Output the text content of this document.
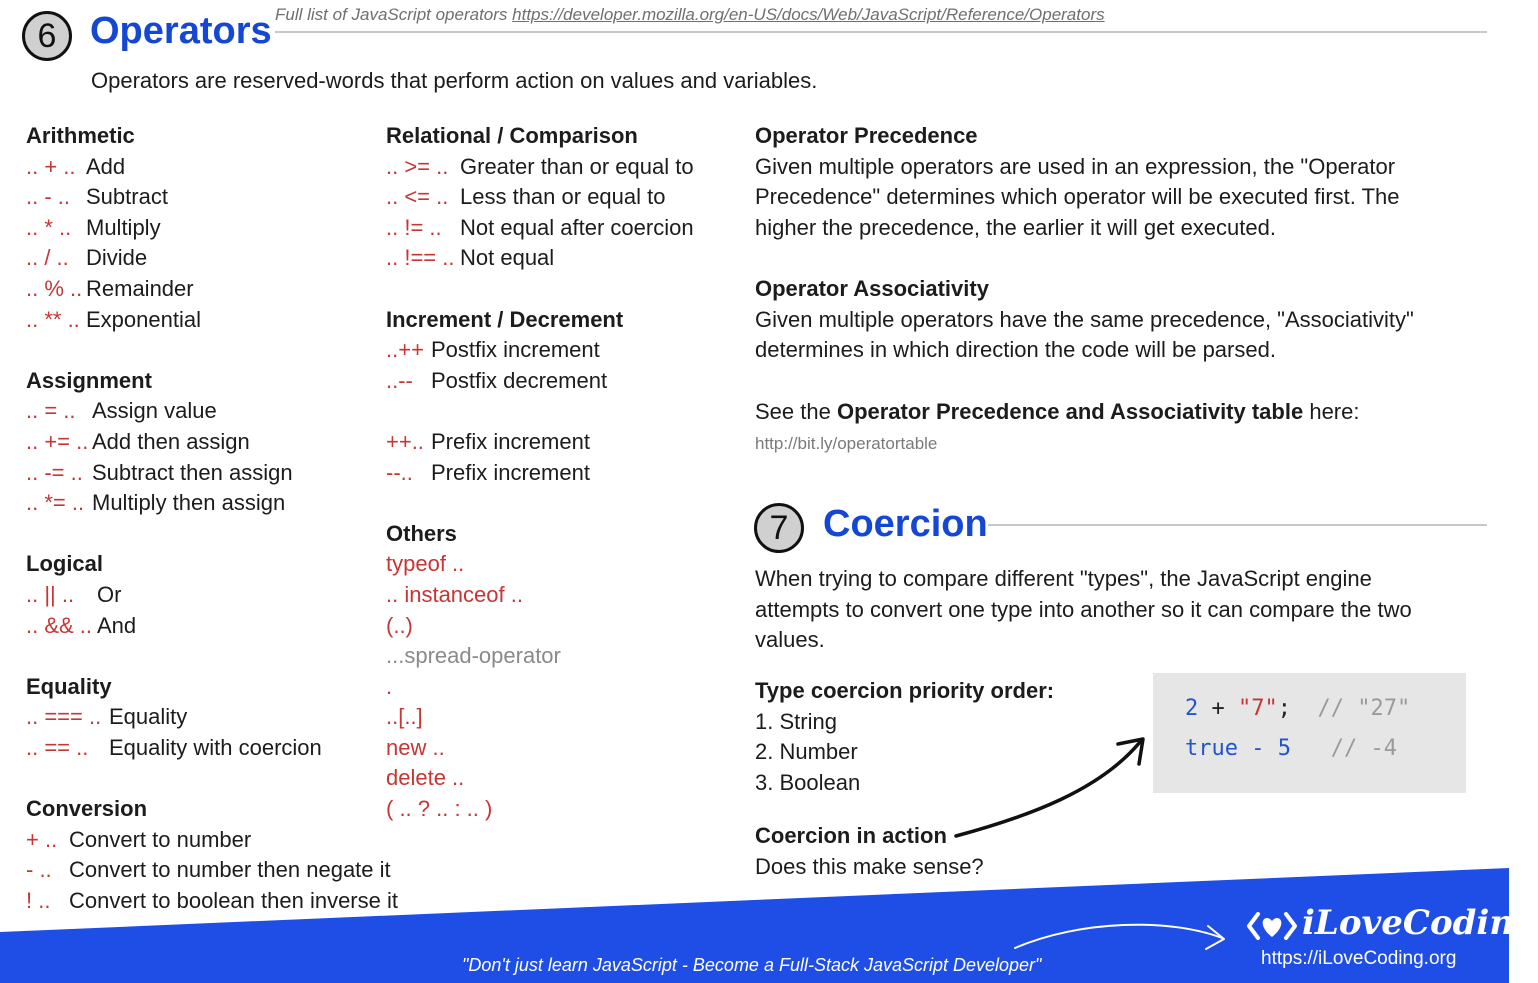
6 Operators Full list of JavaScript operators https://developer.mozilla.org/en-US/docs/Web/JavaScript/Reference/Operators
Operators are reserved-words that perform action on values and variables.
Arithmetic
.. + .. Add
.. - .. Subtract
.. * .. Multiply
.. / .. Divide
.. % .. Remainder
.. ** .. Exponential
Assignment
.. = .. Assign value
.. += .. Add then assign
.. -= .. Subtract then assign
.. *= .. Multiply then assign
Logical
.. || .. Or
.. && .. And
Equality
.. === .. Equality
.. == .. Equality with coercion
Conversion
+ .. Convert to number
- .. Convert to number then negate it
! .. Convert to boolean then inverse it
Relational / Comparison
.. >= .. Greater than or equal to
.. <= .. Less than or equal to
.. != .. Not equal after coercion
.. !== .. Not equal
Increment / Decrement
..++ Postfix increment
..-- Postfix decrement
++.. Prefix increment
--.. Prefix increment
Others
typeof ..
.. instanceof ..
(..)
...spread-operator
.
..[..]
new ..
delete ..
( .. ? .. : .. )
Operator Precedence
Given multiple operators are used in an expression, the "Operator
Precedence" determines which operator will be executed first. The
higher the precedence, the earlier it will get executed.
Operator Associativity
Given multiple operators have the same precedence, "Associativity"
determines in which direction the code will be parsed.
See the Operator Precedence and Associativity table here:
http://bit.ly/operatortable
7 Coercion
When trying to compare different "types", the JavaScript engine
attempts to convert one type into another so it can compare the two
values.
Type coercion priority order:
1. String
2. Number
3. Boolean
Coercion in action
Does this make sense?
2 + "7";  // "27"
true - 5   // -4
"Don't just learn JavaScript - Become a Full-Stack JavaScript Developer"
iLoveCoding
https://iLoveCoding.org
